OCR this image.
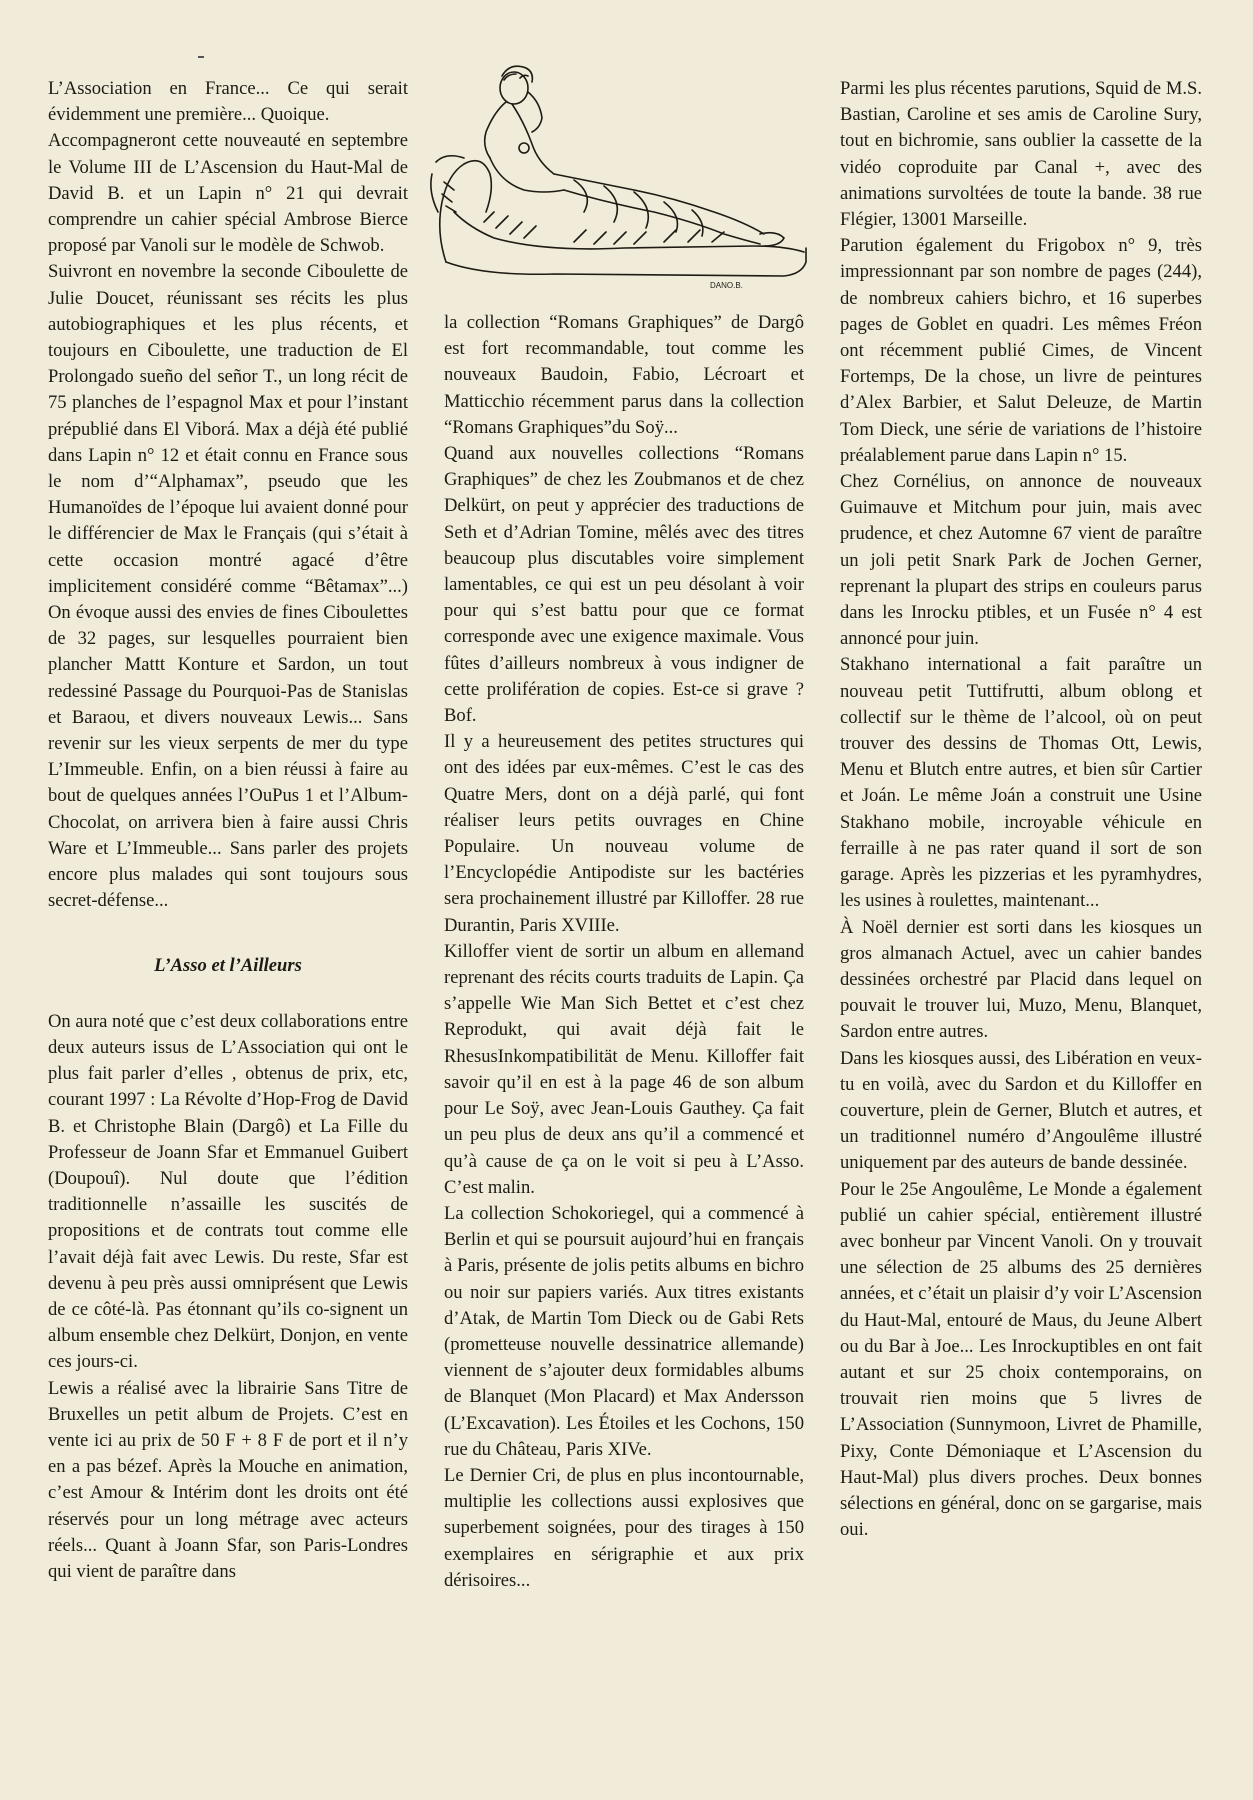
DANO.B.

L’Association en France... Ce qui serait évidemment une première... Quoique.

Accompagneront cette nouveauté en septembre le Volume III de L’Ascension du Haut-Mal de David B. et un Lapin n° 21 qui devrait comprendre un cahier spécial Ambrose Bierce proposé par Vanoli sur le modèle de Schwob.

Suivront en novembre la seconde Ciboulette de Julie Doucet, réunissant ses récits les plus autobiographiques et les plus récents, et toujours en Ciboulette, une traduction de El Prolongado sueño del señor T., un long récit de 75 planches de l’espagnol Max et pour l’instant prépublié dans El Viborá. Max a déjà été publié dans Lapin n° 12 et était connu en France sous le nom d’“Alphamax”, pseudo que les Humanoïdes de l’époque lui avaient donné pour le différencier de Max le Français (qui s’était à cette occasion montré agacé d’être implicitement considéré comme “Bêtamax”...) On évoque aussi des envies de fines Ciboulettes de 32 pages, sur lesquelles pourraient bien plancher Mattt Konture et Sardon, un tout redessiné Passage du Pourquoi-Pas de Stanislas et Baraou, et divers nouveaux Lewis... Sans revenir sur les vieux serpents de mer du type L’Immeuble. Enfin, on a bien réussi à faire au bout de quelques années l’OuPus 1 et l’Album-Chocolat, on arrivera bien à faire aussi Chris Ware et L’Immeuble... Sans parler des projets encore plus malades qui sont toujours sous secret-défense...

L’Asso et l’Ailleurs

On aura noté que c’est deux collaborations entre deux auteurs issus de L’Association qui ont le plus fait parler d’elles , obtenus de prix, etc, courant 1997 : La Révolte d’Hop-Frog de David B. et Christophe Blain (Dargô) et La Fille du Professeur de Joann Sfar et Emmanuel Guibert (Doupouî). Nul doute que l’édition traditionnelle n’assaille les suscités de propositions et de contrats tout comme elle l’avait déjà fait avec Lewis. Du reste, Sfar est devenu à peu près aussi omniprésent que Lewis de ce côté-là. Pas étonnant qu’ils co-signent un album ensemble chez Delkürt, Donjon, en vente ces jours-ci.

Lewis a réalisé avec la librairie Sans Titre de Bruxelles un petit album de Projets. C’est en vente ici au prix de 50 F + 8 F de port et il n’y en a pas bézef. Après la Mouche en animation, c’est Amour & Intérim dont les droits ont été réservés pour un long métrage avec acteurs réels... Quant à Joann Sfar, son Paris-Londres qui vient de paraître dans

la collection “Romans Graphiques” de Dargô est fort recommandable, tout comme les nouveaux Baudoin, Fabio, Lécroart et Matticchio récemment parus dans la collection “Romans Graphiques”du Soÿ...

Quand aux nouvelles collections “Romans Graphiques” de chez les Zoubmanos et de chez Delkürt, on peut y apprécier des traductions de Seth et d’Adrian Tomine, mêlés avec des titres beaucoup plus discutables voire simplement lamentables, ce qui est un peu désolant à voir pour qui s’est battu pour que ce format corresponde avec une exigence maximale. Vous fûtes d’ailleurs nombreux à vous indigner de cette prolifération de copies. Est-ce si grave ? Bof.

Il y a heureusement des petites structures qui ont des idées par eux-mêmes. C’est le cas des Quatre Mers, dont on a déjà parlé, qui font réaliser leurs petits ouvrages en Chine Populaire. Un nouveau volume de l’Encyclopédie Antipodiste sur les bactéries sera prochainement illustré par Killoffer. 28 rue Durantin, Paris XVIIIe.

Killoffer vient de sortir un album en allemand reprenant des récits courts traduits de Lapin. Ça s’appelle Wie Man Sich Bettet et c’est chez Reprodukt, qui avait déjà fait le RhesusInkompatibilität de Menu. Killoffer fait savoir qu’il en est à la page 46 de son album pour Le Soÿ, avec Jean-Louis Gauthey. Ça fait un peu plus de deux ans qu’il a commencé et qu’à cause de ça on le voit si peu à L’Asso. C’est malin.

La collection Schokoriegel, qui a commencé à Berlin et qui se poursuit aujourd’hui en français à Paris, présente de jolis petits albums en bichro ou noir sur papiers variés. Aux titres existants d’Atak, de Martin Tom Dieck ou de Gabi Rets (prometteuse nouvelle dessinatrice allemande) viennent de s’ajouter deux formidables albums de Blanquet (Mon Placard) et Max Andersson (L’Excavation). Les Étoiles et les Cochons, 150 rue du Château, Paris XIVe.

Le Dernier Cri, de plus en plus incontournable, multiplie les collections aussi explosives que superbement soignées, pour des tirages à 150 exemplaires en sérigraphie et aux prix dérisoires...

Parmi les plus récentes parutions, Squid de M.S. Bastian, Caroline et ses amis de Caroline Sury, tout en bichromie, sans oublier la cassette de la vidéo coproduite par Canal +, avec des animations survoltées de toute la bande. 38 rue Flégier, 13001 Marseille.

Parution également du Frigobox n° 9, très impressionnant par son nombre de pages (244), de nombreux cahiers bichro, et 16 superbes pages de Goblet en quadri. Les mêmes Fréon ont récemment publié Cimes, de Vincent Fortemps, De la chose, un livre de peintures d’Alex Barbier, et Salut Deleuze, de Martin Tom Dieck, une série de variations de l’histoire préalablement parue dans Lapin n° 15.

Chez Cornélius, on annonce de nouveaux Guimauve et Mitchum pour juin, mais avec prudence, et chez Automne 67 vient de paraître un joli petit Snark Park de Jochen Gerner, reprenant la plupart des strips en couleurs parus dans les Inrocku ptibles, et un Fusée n° 4 est annoncé pour juin.

Stakhano international a fait paraître un nouveau petit Tuttifrutti, album oblong et collectif sur le thème de l’alcool, où on peut trouver des dessins de Thomas Ott, Lewis, Menu et Blutch entre autres, et bien sûr Cartier et Joán. Le même Joán a construit une Usine Stakhano mobile, incroyable véhicule en ferraille à ne pas rater quand il sort de son garage. Après les pizzerias et les pyramhydres, les usines à roulettes, maintenant...

À Noël dernier est sorti dans les kiosques un gros almanach Actuel, avec un cahier bandes dessinées orchestré par Placid dans lequel on pouvait le trouver lui, Muzo, Menu, Blanquet, Sardon entre autres.

Dans les kiosques aussi, des Libération en veux-tu en voilà, avec du Sardon et du Killoffer en couverture, plein de Gerner, Blutch et autres, et un traditionnel numéro d’Angoulême illustré uniquement par des auteurs de bande dessinée.

Pour le 25e Angoulême, Le Monde a également publié un cahier spécial, entièrement illustré avec bonheur par Vincent Vanoli. On y trouvait une sélection de 25 albums des 25 dernières années, et c’était un plaisir d’y voir L’Ascension du Haut-Mal, entouré de Maus, du Jeune Albert ou du Bar à Joe... Les Inrockuptibles en ont fait autant et sur 25 choix contemporains, on trouvait rien moins que 5 livres de L’Association (Sunnymoon, Livret de Phamille, Pixy, Conte Démoniaque et L’Ascension du Haut-Mal) plus divers proches. Deux bonnes sélections en général, donc on se gargarise, mais oui.
